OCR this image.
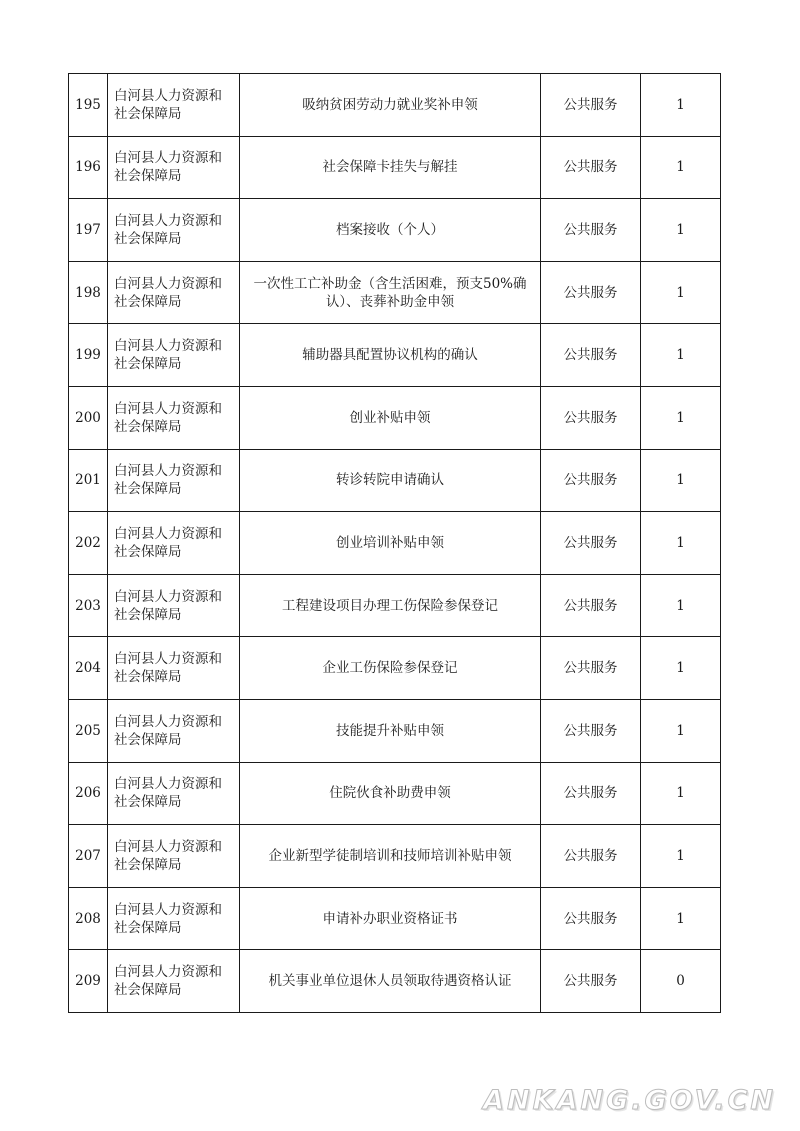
195	白河县人力资源和社会保障局	吸纳贫困劳动力就业奖补申领	公共服务	1
196	白河县人力资源和社会保障局	社会保障卡挂失与解挂	公共服务	1
197	白河县人力资源和社会保障局	档案接收（个人）	公共服务	1
198	白河县人力资源和社会保障局	一次性工亡补助金（含生活困难，预支50%确认）、丧葬补助金申领	公共服务	1
199	白河县人力资源和社会保障局	辅助器具配置协议机构的确认	公共服务	1
200	白河县人力资源和社会保障局	创业补贴申领	公共服务	1
201	白河县人力资源和社会保障局	转诊转院申请确认	公共服务	1
202	白河县人力资源和社会保障局	创业培训补贴申领	公共服务	1
203	白河县人力资源和社会保障局	工程建设项目办理工伤保险参保登记	公共服务	1
204	白河县人力资源和社会保障局	企业工伤保险参保登记	公共服务	1
205	白河县人力资源和社会保障局	技能提升补贴申领	公共服务	1
206	白河县人力资源和社会保障局	住院伙食补助费申领	公共服务	1
207	白河县人力资源和社会保障局	企业新型学徒制培训和技师培训补贴申领	公共服务	1
208	白河县人力资源和社会保障局	申请补办职业资格证书	公共服务	1
209	白河县人力资源和社会保障局	机关事业单位退休人员领取待遇资格认证	公共服务	0
ANKANG.GOV.CN
